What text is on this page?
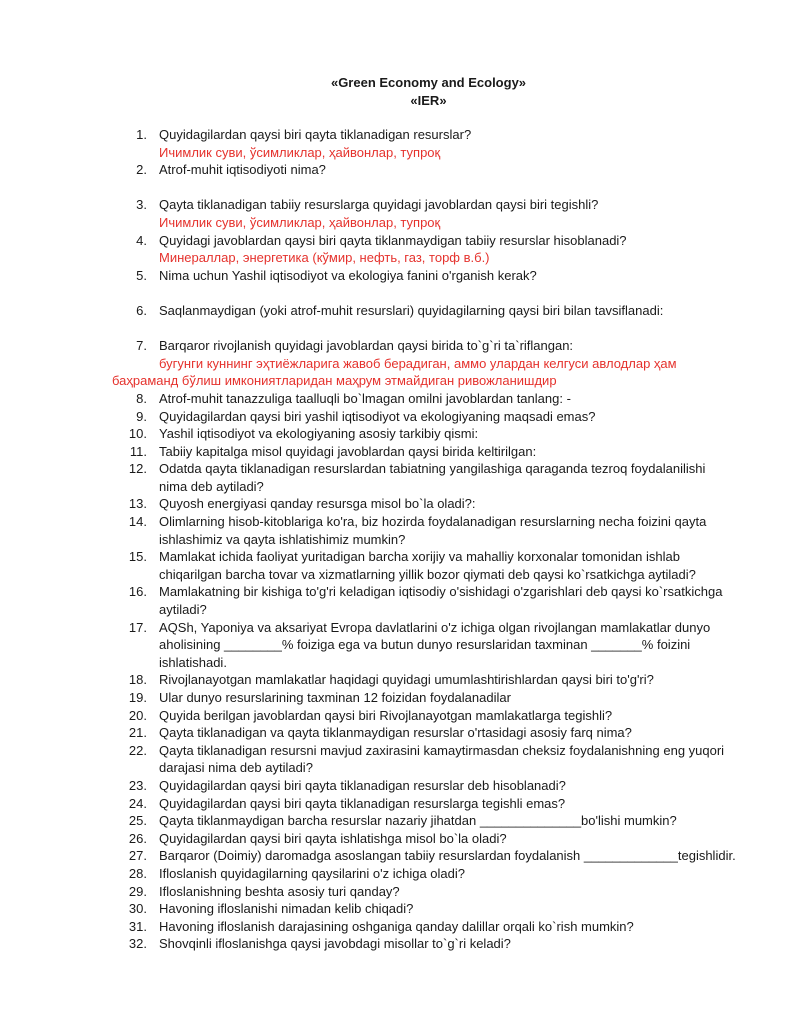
«Green Economy and Ecology»
«IER»
1. Quyidagilardan qaysi biri qayta tiklanadigan resurslar?
Ичимлик суви, ўсимликлар, ҳайвонлар, тупроқ
2. Atrof-muhit iqtisodiyoti nima?
3. Qayta tiklanadigan tabiiy resurslarga quyidagi javoblardan qaysi biri tegishli?
Ичимлик суви, ўсимликлар, ҳайвонлар, тупроқ
4. Quyidagi javoblardan qaysi biri qayta tiklanmaydigan tabiiy resurslar hisoblanadi?
Минераллар, энергетика (кўмир, нефть, газ, торф в.б.)
5. Nima uchun Yashil iqtisodiyot va ekologiya fanini o'rganish kerak?
6. Saqlanmaydigan (yoki atrof-muhit resurslari) quyidagilarning qaysi biri bilan tavsiflanadi:
7. Barqaror rivojlanish quyidagi javoblardan qaysi birida to`g`ri ta`riflangan:
бугунги куннинг эҳтиёжларига жавоб берадиган, аммо улардан келгуси авлодлар ҳам
баҳраманд бўлиш имкониятларидан маҳрум этмайдиган ривожланишдир
8. Atrof-muhit tanazzuliga taalluqli bo`lmagan omilni javoblardan tanlang: -
9. Quyidagilardan qaysi biri yashil iqtisodiyot va ekologiyaning maqsadi emas?
10. Yashil iqtisodiyot va ekologiyaning asosiy tarkibiy qismi:
11. Tabiiy kapitalga misol quyidagi javoblardan qaysi birida keltirilgan:
12. Odatda qayta tiklanadigan resurslardan tabiatning yangilashiga qaraganda tezroq foydalanilishi
nima deb aytiladi?
13. Quyosh energiyasi qanday resursga misol bo`la oladi?:
14. Olimlarning hisob-kitoblariga ko'ra, biz hozirda foydalanadigan resurslarning necha foizini qayta
ishlashimiz va qayta ishlatishimiz mumkin?
15. Mamlakat ichida faoliyat yuritadigan barcha xorijiy va mahalliy korxonalar tomonidan ishlab
chiqarilgan barcha tovar va xizmatlarning yillik bozor qiymati deb qaysi ko`rsatkichga aytiladi?
16. Mamlakatning bir kishiga to'g'ri keladigan iqtisodiy o'sishidagi o'zgarishlari deb qaysi ko`rsatkichga
aytiladi?
17. AQSh, Yaponiya va aksariyat Evropa davlatlarini o'z ichiga olgan rivojlangan mamlakatlar dunyo
aholisining ________% foiziga ega va butun dunyo resurslaridan taxminan _______% foizini
ishlatishadi.
18. Rivojlanayotgan mamlakatlar haqidagi quyidagi umumlashtirishlardan qaysi biri to'g'ri?
19. Ular dunyo resurslarining taxminan 12 foizidan foydalanadilar
20. Quyida berilgan javoblardan qaysi biri Rivojlanayotgan mamlakatlarga tegishli?
21. Qayta tiklanadigan va qayta tiklanmaydigan resurslar o'rtasidagi asosiy farq nima?
22. Qayta tiklanadigan resursni mavjud zaxirasini kamaytirmasdan cheksiz foydalanishning eng yuqori
darajasi nima deb aytiladi?
23. Quyidagilardan qaysi biri qayta tiklanadigan resurslar deb hisoblanadi?
24. Quyidagilardan qaysi biri qayta tiklanadigan resurslarga tegishli emas?
25. Qayta tiklanmaydigan barcha resurslar nazariy jihatdan ______________bo'lishi mumkin?
26. Quyidagilardan qaysi biri qayta ishlatishga misol bo`la oladi?
27. Barqaror (Doimiy) daromadga asoslangan tabiiy resurslardan foydalanish _____________tegishlidir.
28. Ifloslanish quyidagilarning qaysilarini o'z ichiga oladi?
29. Ifloslanishning beshta asosiy turi qanday?
30. Havoning ifloslanishi nimadan kelib chiqadi?
31. Havoning ifloslanish darajasining oshganiga qanday dalillar orqali ko`rish mumkin?
32. Shovqinli ifloslanishga qaysi javobdagi misollar to`g`ri keladi?
